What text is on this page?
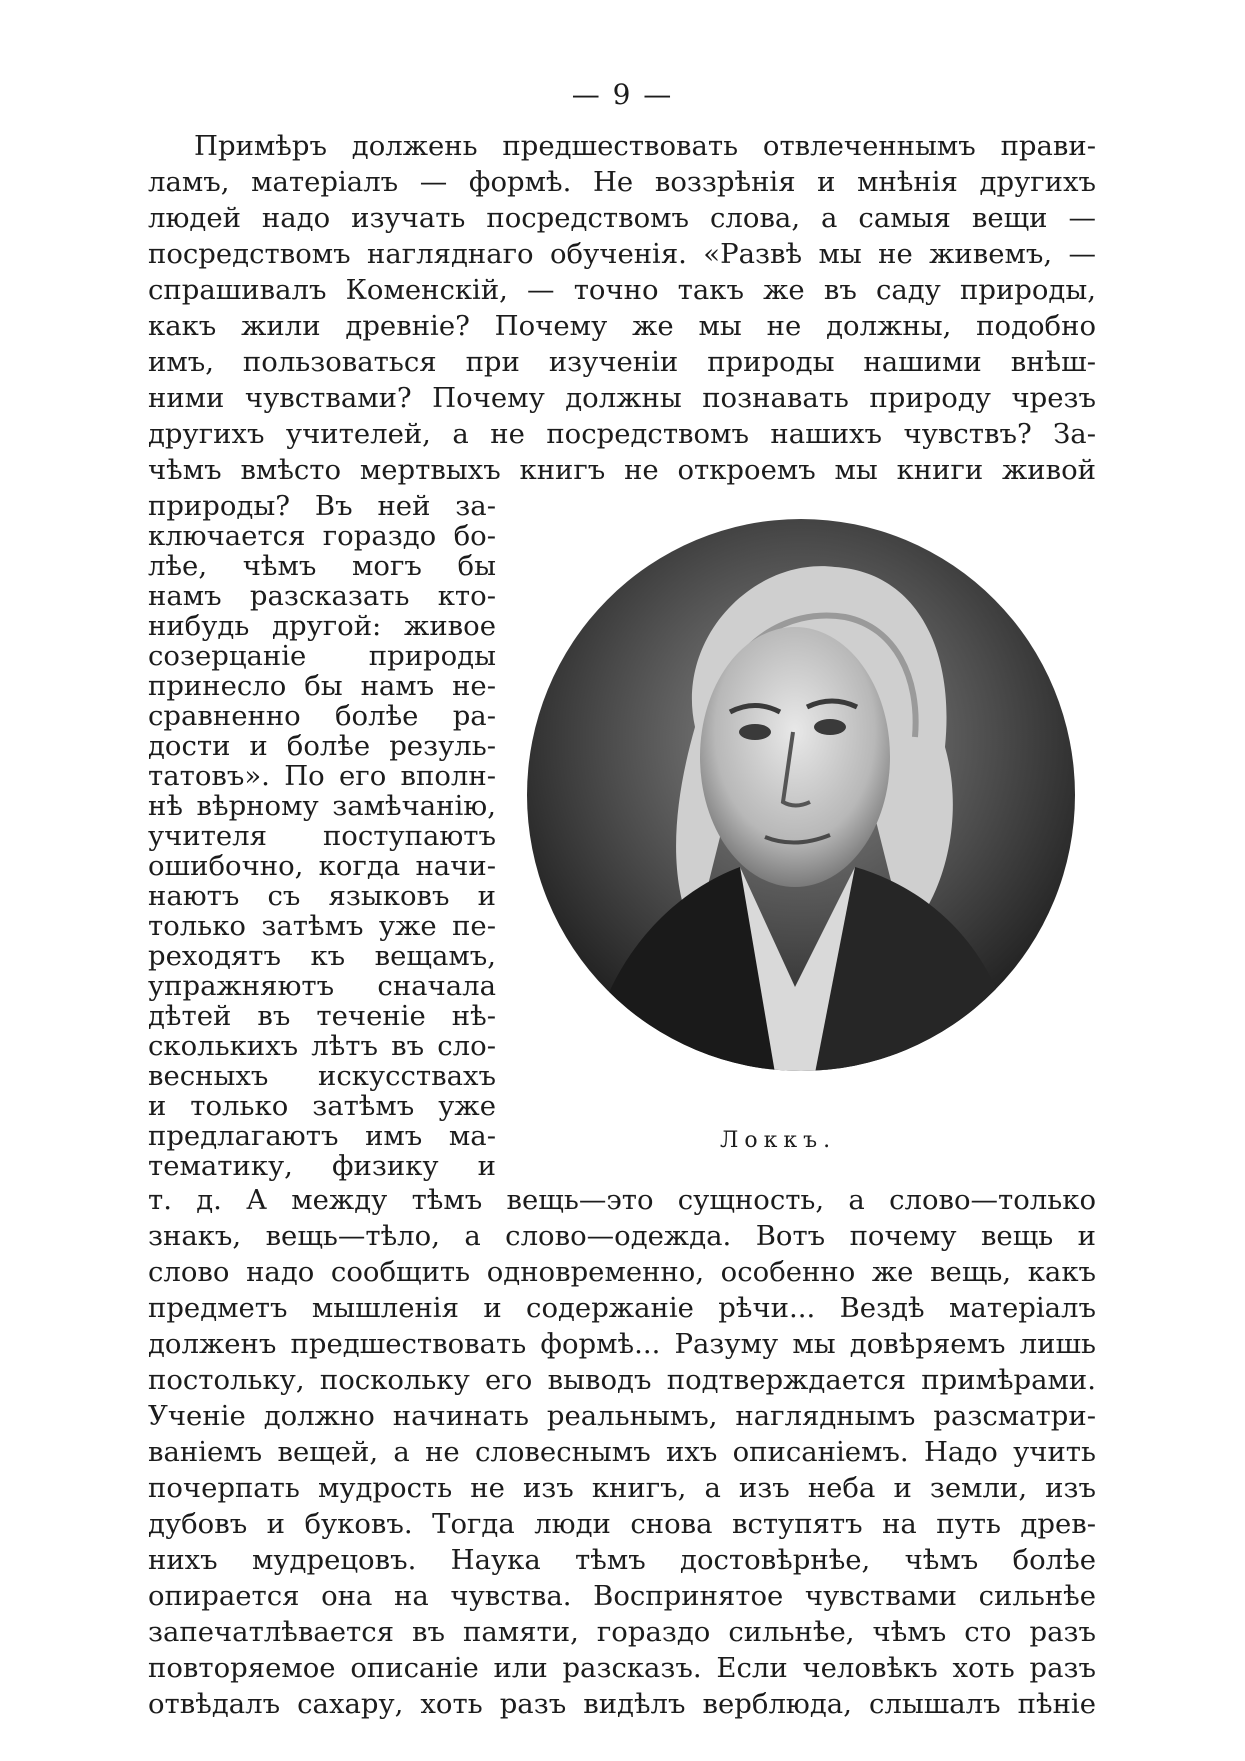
— 9 —
Примѣръ должень предшествовать отвлеченнымъ прави-
ламъ, матеріалъ — формѣ. Не воззрѣнія и мнѣнія другихъ
людей надо изучать посредствомъ слова, а самыя вещи —
посредствомъ нагляднаго обученія. «Развѣ мы не живемъ, —
спрашивалъ Коменскій, — точно такъ же въ саду природы,
какъ жили древніе? Почему же мы не должны, подобно
имъ, пользоваться при изученіи природы нашими внѣш-
ними чувствами? Почему должны познавать природу чрезъ
другихъ учителей, а не посредствомъ нашихъ чувствъ? За-
чѣмъ вмѣсто мертвыхъ книгъ не откроемъ мы книги живой
природы? Въ ней за-
ключается гораздо бо-
лѣе, чѣмъ могъ бы
намъ разсказать кто-
нибудь другой: живое
созерцаніе природы
принесло бы намъ не-
сравненно болѣе ра-
дости и болѣе резуль-
татовъ». По его вполн-
нѣ вѣрному замѣчанію,
учителя поступаютъ
ошибочно, когда начи-
наютъ съ языковъ и
только затѣмъ уже пе-
реходятъ къ вещамъ,
упражняютъ сначала
дѣтей въ теченіе нѣ-
сколькихъ лѣтъ въ сло-
весныхъ искусствахъ
и только затѣмъ уже
предлагаютъ имъ ма-
тематику, физику и
Локкъ.
т. д. А между тѣмъ вещь—это сущность, а слово—только
знакъ, вещь—тѣло, а слово—одежда. Вотъ почему вещь и
слово надо сообщить одновременно, особенно же вещь, какъ
предметъ мышленія и содержаніе рѣчи... Вездѣ матеріалъ
долженъ предшествовать формѣ... Разуму мы довѣряемъ лишь
постольку, поскольку его выводъ подтверждается примѣрами.
Ученіе должно начинать реальнымъ, нагляднымъ разсматри-
ваніемъ вещей, а не словеснымъ ихъ описаніемъ. Надо учить
почерпать мудрость не изъ книгъ, а изъ неба и земли, изъ
дубовъ и буковъ. Тогда люди снова вступятъ на путь древ-
нихъ мудрецовъ. Наука тѣмъ достовѣрнѣе, чѣмъ болѣе
опирается она на чувства. Воспринятое чувствами сильнѣе
запечатлѣвается въ памяти, гораздо сильнѣе, чѣмъ сто разъ
повторяемое описаніе или разсказъ. Если человѣкъ хоть разъ
отвѣдалъ сахару, хоть разъ видѣлъ верблюда, слышалъ пѣніе
